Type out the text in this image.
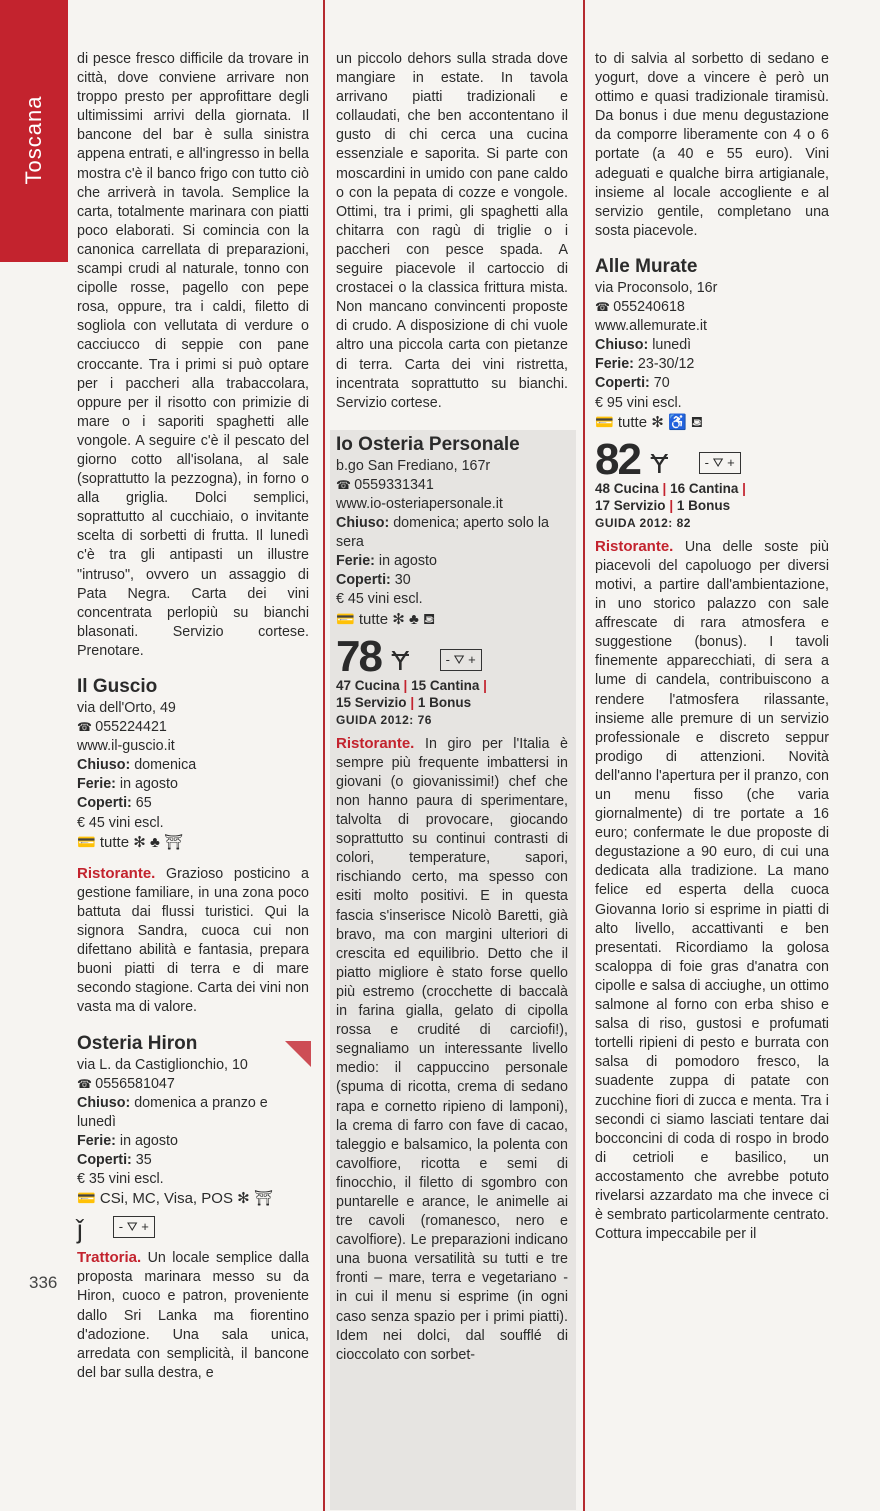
Toscana
336

di pesce fresco difficile da trovare in città, dove conviene arrivare non troppo presto per approfittare degli ultimissimi arrivi della giornata. Il bancone del bar è sulla sinistra appena entrati, e all'ingresso in bella mostra c'è il banco frigo con tutto ciò che arriverà in tavola. Semplice la carta, totalmente marinara con piatti poco elaborati. Si comincia con la canonica carrellata di preparazioni, scampi crudi al naturale, tonno con cipolle rosse, pagello con pepe rosa, oppure, tra i caldi, filetto di sogliola con vellutata di verdure o cacciucco di seppie con pane croccante. Tra i primi si può optare per i paccheri alla trabaccolara, oppure per il risotto con primizie di mare o i saporiti spaghetti alle vongole. A seguire c'è il pescato del giorno cotto all'isolana, al sale (soprattutto la pezzogna), in forno o alla griglia. Dolci semplici, soprattutto al cucchiaio, o invitante scelta di sorbetti di frutta. Il lunedì c'è tra gli antipasti un illustre "intruso", ovvero un assaggio di Pata Negra. Carta dei vini concentrata perlopiù su bianchi blasonati. Servizio cortese. Prenotare.

Il Guscio
via dell'Orto, 49
☎ 055224421
www.il-guscio.it
Chiuso: domenica
Ferie: in agosto
Coperti: 65
€ 45 vini escl.
💳 tutte ✻ ♣ ⛩

Ristorante. Grazioso posticino a gestione familiare, in una zona poco battuta dai flussi turistici. Qui la signora Sandra, cuoca cui non difettano abilità e fantasia, prepara buoni piatti di terra e di mare secondo stagione. Carta dei vini non vasta ma di valore.

Osteria Hiron
via L. da Castiglionchio, 10
☎ 0556581047
Chiuso: domenica a pranzo e lunedì
Ferie: in agosto
Coperti: 35
€ 35 vini escl.
💳 CSi, MC, Visa, POS ✻ ⛩
ǰ	- ⛛ +

Trattoria. Un locale semplice dalla proposta marinara messo su da Hiron, cuoco e patron, proveniente dallo Sri Lanka ma fiorentino d'adozione. Una sala unica, arredata con semplicità, il bancone del bar sulla destra, e

un piccolo dehors sulla strada dove mangiare in estate. In tavola arrivano piatti tradizionali e collaudati, che ben accontentano il gusto di chi cerca una cucina essenziale e saporita. Si parte con moscardini in umido con pane caldo o con la pepata di cozze e vongole. Ottimi, tra i primi, gli spaghetti alla chitarra con ragù di triglie o i paccheri con pesce spada. A seguire piacevole il cartoccio di crostacei o la classica frittura mista. Non mancano convincenti proposte di crudo. A disposizione di chi vuole altro una piccola carta con pietanze di terra. Carta dei vini ristretta, incentrata soprattutto su bianchi. Servizio cortese.

Io Osteria Personale
b.go San Frediano, 167r
☎ 0559331341
www.io-osteriapersonale.it
Chiuso: domenica; aperto solo la sera
Ferie: in agosto
Coperti: 30
€ 45 vini escl.
💳 tutte ✻ ♣ ⛾
78 Ɏ	- ⛛ +
47 Cucina | 15 Cantina |
15 Servizio | 1 Bonus
GUIDA 2012: 76

Ristorante. In giro per l'Italia è sempre più frequente imbattersi in giovani (o giovanissimi!) chef che non hanno paura di sperimentare, talvolta di provocare, giocando soprattutto su continui contrasti di colori, temperature, sapori, rischiando certo, ma spesso con esiti molto positivi. E in questa fascia s'inserisce Nicolò Baretti, già bravo, ma con margini ulteriori di crescita ed equilibrio. Detto che il piatto migliore è stato forse quello più estremo (crocchette di baccalà in farina gialla, gelato di cipolla rossa e crudité di carciofi!), segnaliamo un interessante livello medio: il cappuccino personale (spuma di ricotta, crema di sedano rapa e cornetto ripieno di lamponi), la crema di farro con fave di cacao, taleggio e balsamico, la polenta con cavolfiore, ricotta e semi di finocchio, il filetto di sgombro con puntarelle e arance, le animelle ai tre cavoli (romanesco, nero e cavolfiore). Le preparazioni indicano una buona versatilità su tutti e tre fronti – mare, terra e vegetariano - in cui il menu si esprime (in ogni caso senza spazio per i primi piatti). Idem nei dolci, dal soufflé di cioccolato con sorbet-

to di salvia al sorbetto di sedano e yogurt, dove a vincere è però un ottimo e quasi tradizionale tiramisù. Da bonus i due menu degustazione da comporre liberamente con 4 o 6 portate (a 40 e 55 euro). Vini adeguati e qualche birra artigianale, insieme al locale accogliente e al servizio gentile, completano una sosta piacevole.

Alle Murate
via Proconsolo, 16r
☎ 055240618
www.allemurate.it
Chiuso: lunedì
Ferie: 23-30/12
Coperti: 70
€ 95 vini escl.
💳 tutte ✻ ♿ ⛾
82 Ɏ	- ⛛ +
48 Cucina | 16 Cantina |
17 Servizio | 1 Bonus
GUIDA 2012: 82

Ristorante. Una delle soste più piacevoli del capoluogo per diversi motivi, a partire dall'ambientazione, in uno storico palazzo con sale affrescate di rara atmosfera e suggestione (bonus). I tavoli finemente apparecchiati, di sera a lume di candela, contribuiscono a rendere l'atmosfera rilassante, insieme alle premure di un servizio professionale e discreto seppur prodigo di attenzioni. Novità dell'anno l'apertura per il pranzo, con un menu fisso (che varia giornalmente) di tre portate a 16 euro; confermate le due proposte di degustazione a 90 euro, di cui una dedicata alla tradizione. La mano felice ed esperta della cuoca Giovanna Iorio si esprime in piatti di alto livello, accattivanti e ben presentati. Ricordiamo la golosa scaloppa di foie gras d'anatra con cipolle e salsa di acciughe, un ottimo salmone al forno con erba shiso e salsa di riso, gustosi e profumati tortelli ripieni di pesto e burrata con salsa di pomodoro fresco, la suadente zuppa di patate con zucchine fiori di zucca e menta. Tra i secondi ci siamo lasciati tentare dai bocconcini di coda di rospo in brodo di cetrioli e basilico, un accostamento che avrebbe potuto rivelarsi azzardato ma che invece ci è sembrato particolarmente centrato. Cottura impeccabile per il
